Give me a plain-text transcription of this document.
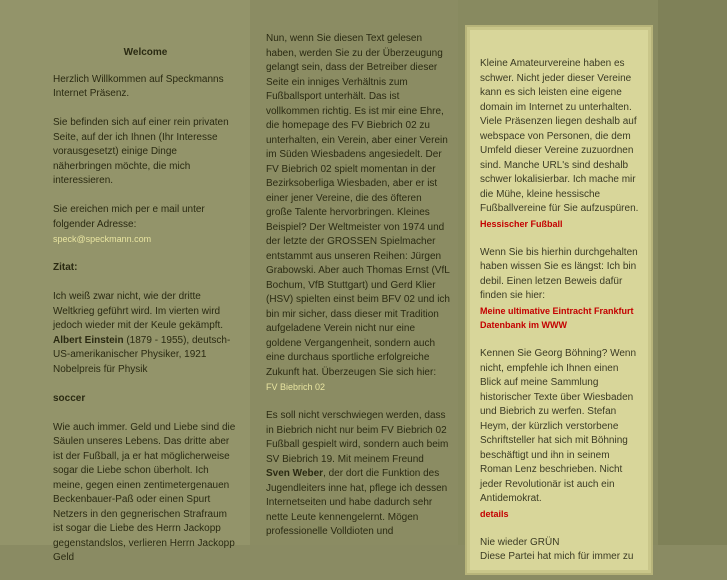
Welcome

Herzlich Willkommen auf Speckmanns Internet Präsenz.

Sie befinden sich auf einer rein privaten Seite, auf der ich Ihnen (Ihr Interesse vorausgesetzt) einige Dinge näherbringen möchte, die mich interessieren.

Sie ereichen mich per e mail unter folgender Adresse:

speck@speckmann.com

Zitat:

Ich weiß zwar nicht, wie der dritte Weltkrieg geführt wird. Im vierten wird jedoch wieder mit der Keule gekämpft. Albert Einstein (1879 - 1955), deutsch-US-amerikanischer Physiker, 1921 Nobelpreis für Physik

soccer

Wie auch immer. Geld und Liebe sind die Säulen unseres Lebens. Das dritte aber ist der Fußball, ja er hat möglicherweise sogar die Liebe schon überholt. Ich meine, gegen einen zentimetergenauen Beckenbauer-Paß oder einen Spurt Netzers in den gegnerischen Strafraum ist sogar die Liebe des Herrn Jackopp gegenstandslos, verlieren Herrn Jackopp Geld

Nun, wenn Sie diesen Text gelesen haben, werden Sie zu der Überzeugung gelangt sein, dass der Betreiber dieser Seite ein inniges Verhältnis zum Fußballsport unterhält. Das ist vollkommen richtig. Es ist mir eine Ehre, die homepage des FV Biebrich 02 zu unterhalten, ein Verein, aber einer Verein im Süden Wiesbadens angesiedelt. Der FV Biebrich 02 spielt momentan in der Bezirksoberliga Wiesbaden, aber er ist einer jener Vereine, die des öfteren große Talente hervorbringen. Kleines Beispiel? Der Weltmeister von 1974 und der letzte der GROSSEN Spielmacher entstammt aus unseren Reihen: Jürgen Grabowski. Aber auch Thomas Ernst (VfL Bochum, VfB Stuttgart) und Gerd Klier (HSV) spielten einst beim BFV 02 und ich bin mir sicher, dass dieser mit Tradition aufgeladene Verein nicht nur eine goldene Vergangenheit, sondern auch eine durchaus sportliche erfolgreiche Zukunft hat. Überzeugen Sie sich hier:

FV Biebrich 02

Es soll nicht verschwiegen werden, dass in Biebrich nicht nur beim FV Biebrich 02 Fußball gespielt wird, sondern auch beim SV Biebrich 19. Mit meinem Freund Sven Weber, der dort die Funktion des Jugendleiters inne hat, pflege ich dessen Internetseiten und habe dadurch sehr nette Leute kennengelernt. Mögen professionelle Volldioten und

Kleine Amateurvereine haben es schwer. Nicht jeder dieser Vereine kann es sich leisten eine eigene domain im Internet zu unterhalten. Viele Präsenzen liegen deshalb auf webspace von Personen, die dem Umfeld dieser Vereine zuzuordnen sind. Manche URL's sind deshalb schwer lokalisierbar. Ich mache mir die Mühe, kleine hessische Fußballvereine für Sie aufzuspüren.

Hessischer Fußball

Wenn Sie bis hierhin durchgehalten haben wissen Sie es längst: Ich bin debil. Einen letzen Beweis dafür finden sie hier:

Meine ultimative Eintracht Frankfurt Datenbank im WWW

Kennen Sie Georg Böhning? Wenn nicht, empfehle ich Ihnen einen Blick auf meine Sammlung historischer Texte über Wiesbaden und Biebrich zu werfen. Stefan Heym, der kürzlich verstorbene Schriftsteller hat sich mit Böhning beschäftigt und ihn in seinem Roman Lenz beschrieben. Nicht jeder Revolutionär ist auch ein Antidemokrat.

details

Nie wieder GRÜN
Diese Partei hat mich für immer zu
